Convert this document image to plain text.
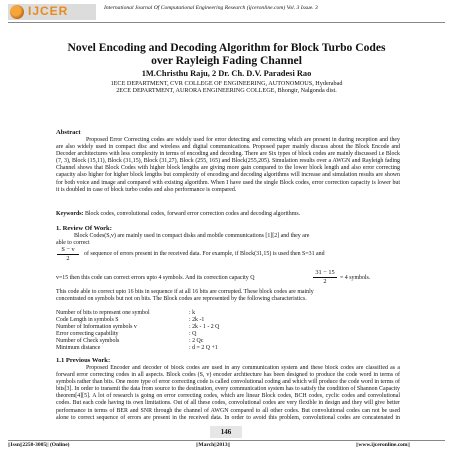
IJCER	International Journal Of Computational Engineering Research (ijceronline.com) Vol. 3 Issue. 3
Novel Encoding and Decoding Algorithm for Block Turbo Codes
over Rayleigh Fading Channel
1M.Christhu Raju, 2 Dr. Ch. D.V. Paradesi Rao
1ECE DEPARTMENT, CVR COLLEGE OF ENGINEERING, AUTONOMOUS, Hyderabad
2ECE DEPARTMENT, AURORA ENGINEERING COLLEGE, Bhongir, Nalgonda dist.
Abstract
Proposed Error Correcting codes are widely used for error detecting and correcting which are present in during reception and they are also widely used in compact disc and wireless and digital communications. Proposed paper mainly discuss about the Block Encode and Decoder architectures with less complexity in terms of encoding and decoding. There are Six types of block codes are mainly discussed i.e Block (7, 3), Block (15,11), Block (31,15), Block (31,27), Block (255, 165) and Block(255,205). Simulation results over a AWGN and Rayleigh fading Channel shows that Block Codes with higher block lengths are giving more gain compared to the lower block length and also error correcting capacity also higher for higher block lengths but complexity of encoding and decoding algorithms will increase and simulation results are shown for both voice and image and compared with existing algorithm. When I have used the single Block codes, error correction capacity is lower but it is doubled in case of block turbo codes and also performance is compared.
Keywords: Block codes, convolutional codes, forward error correction codes and decoding algorithms.
1. Review Of Work:
Block Codes(S,v) are mainly used in compact disks and mobile communications [1][2] and they are
able to correct
S − v
2
of sequence of errors present in the received data. For example, if Block(31,15) is used then S=31 and
v=15 then this code can correct errors upto 4 symbols. And its correction capacity Q
31 − 15
2	= 4 symbols.
This code able to correct upto 16 bits in sequence if at all 16 bits are corrupted. These block codes are mainly
concentrated on symbols but not on bits. The Block codes are represented by the following characteristics.
Number of bits to represent one symbol	: k
Code Length in symbols S	: 2k -1
Number of Information symbols v	: 2k - 1 - 2 Q
Error correcting capability	: Q
Number of Check symbols	: 2 Qc
Minimum distance	: d = 2 Q +1
1.1 Previous Work:
Proposed Encoder and decoder of block codes are used in any communication system and these block codes are classified as a forward error correcting codes in all aspects. Block codes (S, v) encoder architecture has been designed to produce the code word in terms of symbols rather than bits. One more type of error correcting code is called convolutional coding and which will produce the code word in terms of bits[3]. In order to transmit the data from source to the destination, every communication system has to satisfy the condition of Shannon Capacity theorem[4][5]. A lot of research is going on error correcting codes, which are linear Block codes, BCH codes, cyclic codes and convolutional codes. But each code having its own limitations. Out of all these codes, convolutional codes are very flexible in design and they will give better performance in terms of BER and SNR through the channel of AWGN compared to all other codes. But convolutional codes can not be used alone to correct sequence of errors are present in the received data. In order to avoid this problem, convolutional codes are concatenated in
146
||Issn||2250-3005|| (Online)	||March||2013||	||www.ijceronline.com||
